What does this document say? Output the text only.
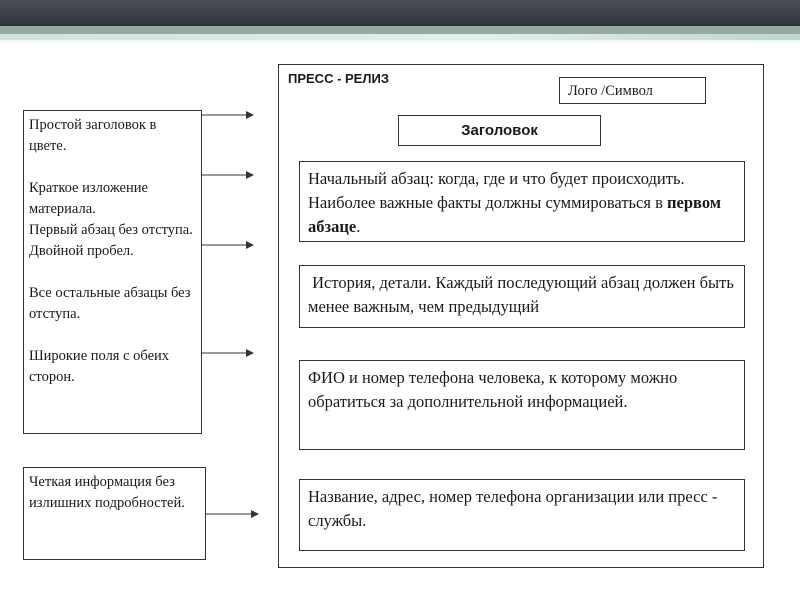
Простой заголовок в цвете.

Краткое изложение материала.

Первый абзац без отступа.

Двойной пробел.

Все остальные абзацы без отступа.

Широкие поля с обеих сторон.

Четкая информация без излишних подробностей.

ПРЕСС - РЕЛИЗ
Лого /Символ
Заголовок
Начальный абзац: когда, где и что будет происходить. Наиболее важные факты должны суммироваться в первом абзаце.
История, детали. Каждый последующий абзац должен быть менее важным, чем предыдущий
ФИО и номер телефона человека, к которому можно обратиться за дополнительной информацией.
Название, адрес, номер телефона организации или пресс - службы.
